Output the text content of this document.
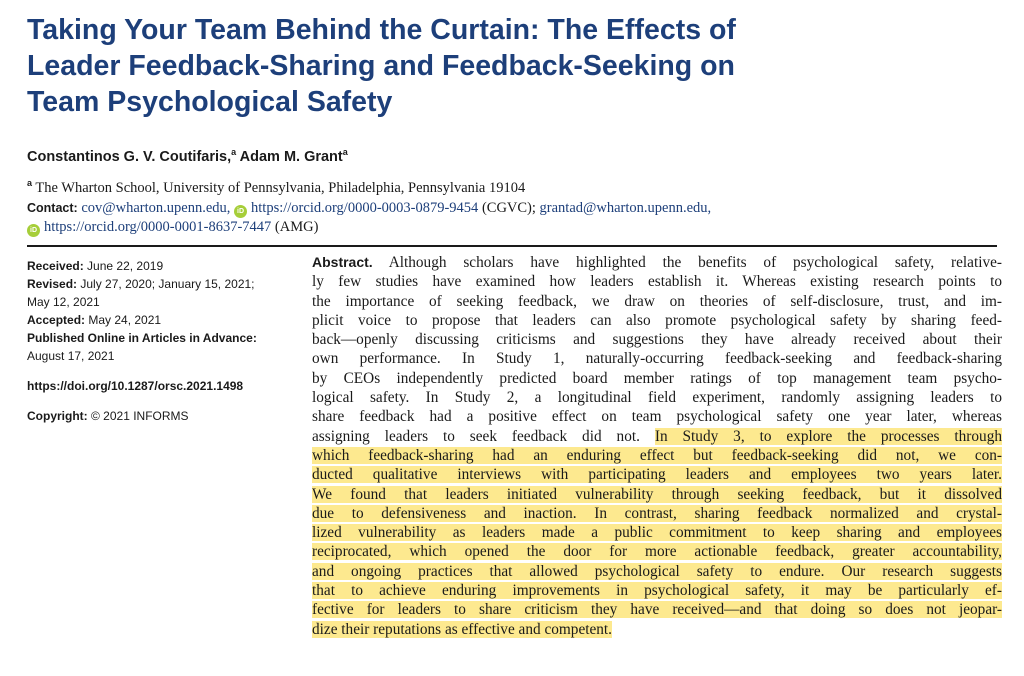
Taking Your Team Behind the Curtain: The Effects of
Leader Feedback-Sharing and Feedback-Seeking on
Team Psychological Safety
Constantinos G. V. Coutifaris,$^a$ Adam M. Grant$^a$
$^a$ The Wharton School, University of Pennsylvania, Philadelphia, Pennsylvania 19104
Contact: cov@wharton.upenn.edu, iD https://orcid.org/0000-0003-0879-9454 (CGVC); grantad@wharton.upenn.edu,
iD https://orcid.org/0000-0001-8637-7447 (AMG)
Received: June 22, 2019
Revised: July 27, 2020; January 15, 2021;
May 12, 2021
Accepted: May 24, 2021
Published Online in Articles in Advance:
August 17, 2021
https://doi.org/10.1287/orsc.2021.1498
Copyright: © 2021 INFORMS
Abstract. Although scholars have highlighted the benefits of psychological safety, relative-
ly few studies have examined how leaders establish it. Whereas existing research points to
the importance of seeking feedback, we draw on theories of self-disclosure, trust, and im-
plicit voice to propose that leaders can also promote psychological safety by sharing feed-
back—openly discussing criticisms and suggestions they have already received about their
own performance. In Study 1, naturally-occurring feedback-seeking and feedback-sharing
by CEOs independently predicted board member ratings of top management team psycho-
logical safety. In Study 2, a longitudinal field experiment, randomly assigning leaders to
share feedback had a positive effect on team psychological safety one year later, whereas
assigning leaders to seek feedback did not. In Study 3, to explore the processes through
which feedback-sharing had an enduring effect but feedback-seeking did not, we con-
ducted qualitative interviews with participating leaders and employees two years later.
We found that leaders initiated vulnerability through seeking feedback, but it dissolved
due to defensiveness and inaction. In contrast, sharing feedback normalized and crystal-
lized vulnerability as leaders made a public commitment to keep sharing and employees
reciprocated, which opened the door for more actionable feedback, greater accountability,
and ongoing practices that allowed psychological safety to endure. Our research suggests
that to achieve enduring improvements in psychological safety, it may be particularly ef-
fective for leaders to share criticism they have received—and that doing so does not jeopar-
dize their reputations as effective and competent.
